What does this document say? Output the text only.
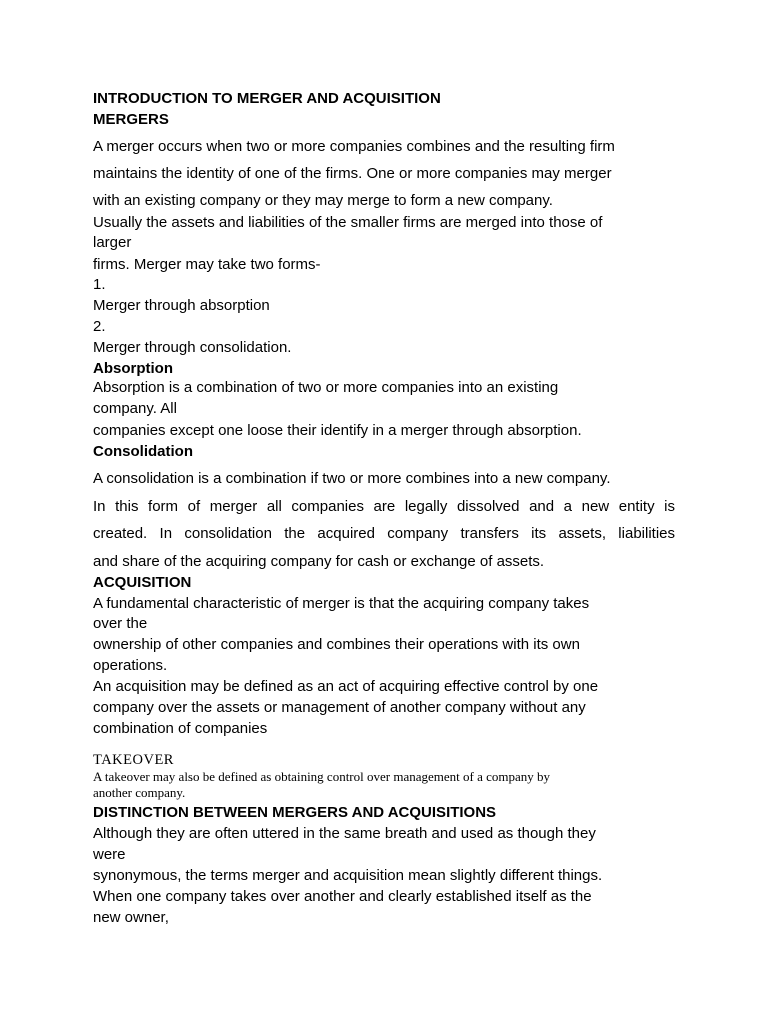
INTRODUCTION TO MERGER AND ACQUISITION

MERGERS

A merger occurs when two or more companies combines and the resulting firm

maintains the identity of one of the firms. One or more companies may merger

with an existing company or they may merge to form a new company.

Usually the assets and liabilities of the smaller firms are merged into those of

larger

firms. Merger may take two forms-

1.

Merger through absorption

2.

Merger through consolidation.

Absorption

Absorption is a combination of two or more companies into an existing

company. All

companies except one loose their identify in a merger through absorption.

Consolidation

A consolidation is a combination if two or more combines into a new company.

In this form of merger all companies are legally dissolved and a new entity is

created. In consolidation the acquired company transfers its assets, liabilities

and share of the acquiring company for cash or exchange of assets.

ACQUISITION

A fundamental characteristic of merger is that the acquiring company takes

over the

ownership of other companies and combines their operations with its own

operations.

An acquisition may be defined as an act of acquiring effective control by one

company over the assets or management of another company without any

combination of companies

TAKEOVER

A takeover may also be defined as obtaining control over management of a company by

another company.

DISTINCTION BETWEEN MERGERS AND ACQUISITIONS

Although they are often uttered in the same breath and used as though they

were

synonymous, the terms merger and acquisition mean slightly different things.

When one company takes over another and clearly established itself as the

new owner,
